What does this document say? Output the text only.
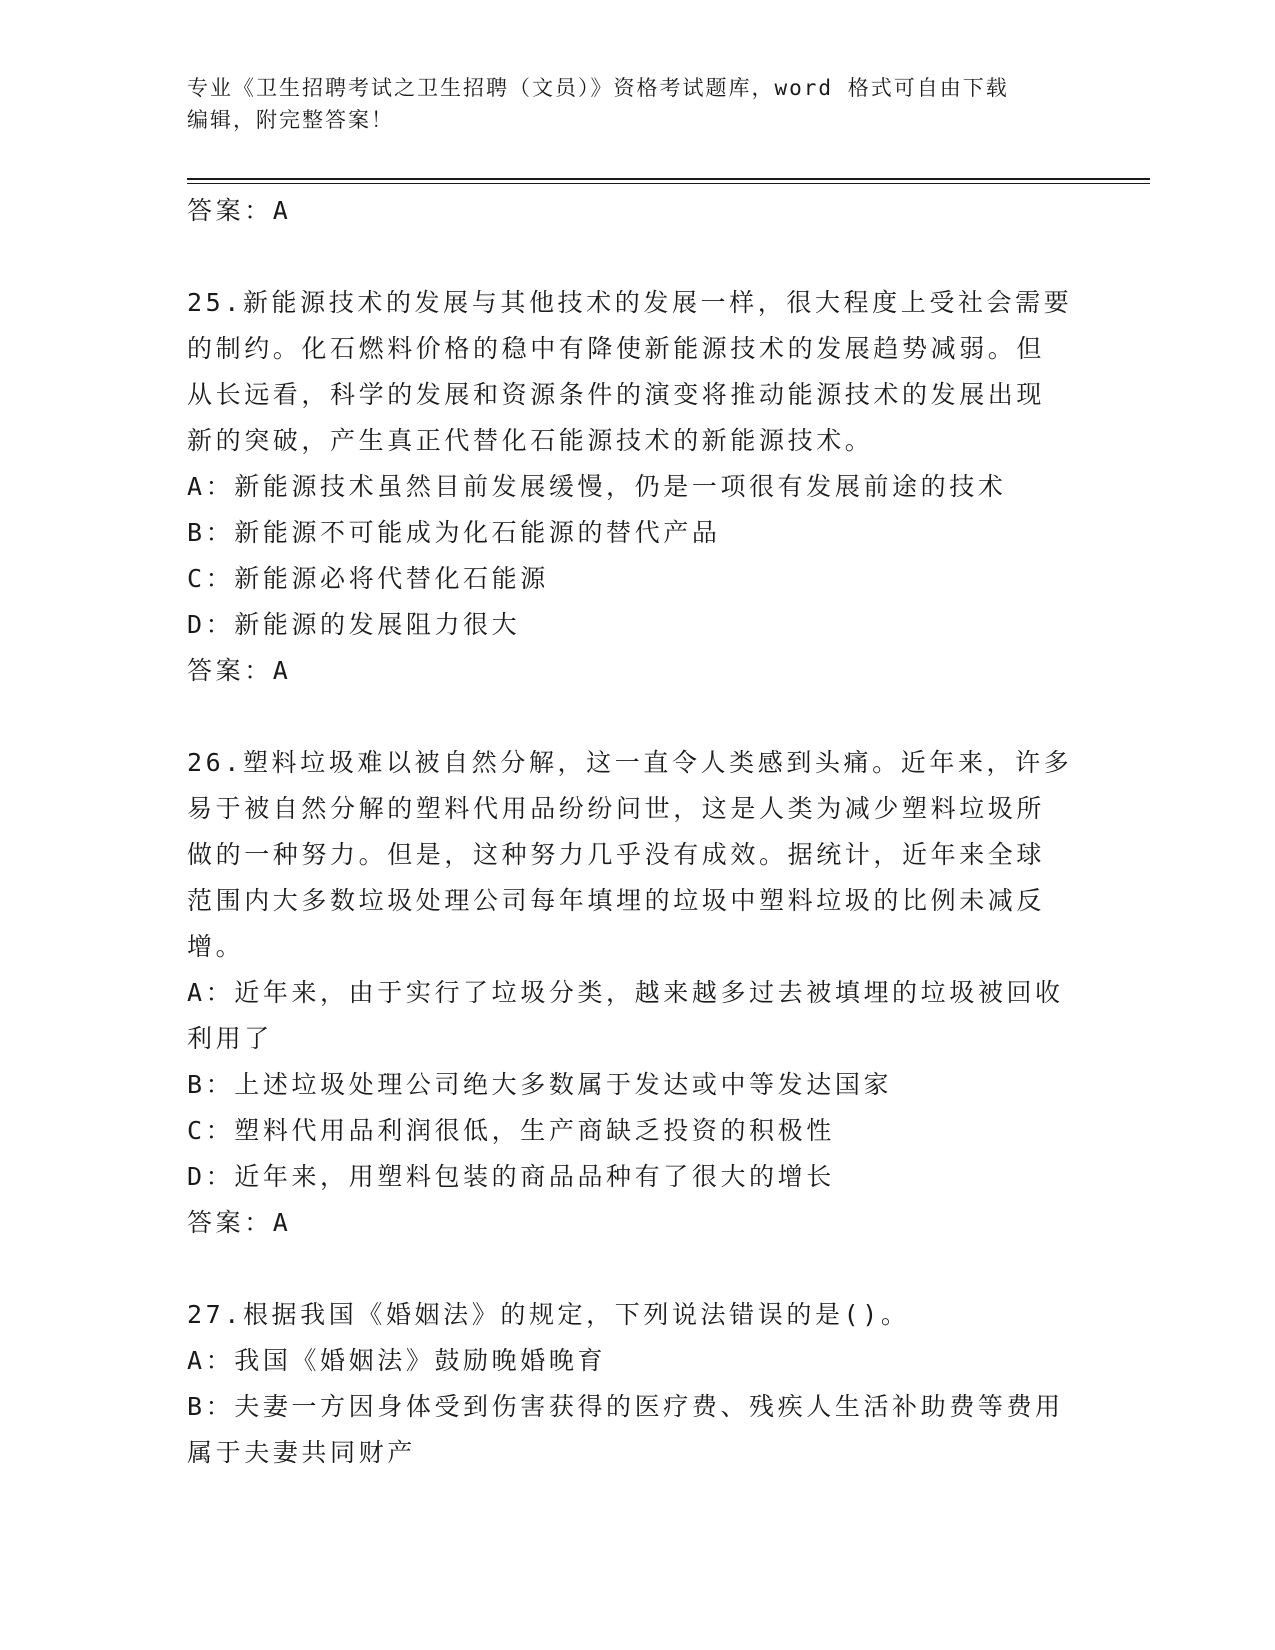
专业《卫生招聘考试之卫生招聘（文员）》资格考试题库，word 格式可自由下载
编辑，附完整答案！
答案：A
25.新能源技术的发展与其他技术的发展一样，很大程度上受社会需要
的制约。化石燃料价格的稳中有降使新能源技术的发展趋势减弱。但
从长远看，科学的发展和资源条件的演变将推动能源技术的发展出现
新的突破，产生真正代替化石能源技术的新能源技术。
A：新能源技术虽然目前发展缓慢，仍是一项很有发展前途的技术
B：新能源不可能成为化石能源的替代产品
C：新能源必将代替化石能源
D：新能源的发展阻力很大
答案：A
26.塑料垃圾难以被自然分解，这一直令人类感到头痛。近年来，许多
易于被自然分解的塑料代用品纷纷问世，这是人类为减少塑料垃圾所
做的一种努力。但是，这种努力几乎没有成效。据统计，近年来全球
范围内大多数垃圾处理公司每年填埋的垃圾中塑料垃圾的比例未减反
增。
A：近年来，由于实行了垃圾分类，越来越多过去被填埋的垃圾被回收
利用了
B：上述垃圾处理公司绝大多数属于发达或中等发达国家
C：塑料代用品利润很低，生产商缺乏投资的积极性
D：近年来，用塑料包装的商品品种有了很大的增长
答案：A
27.根据我国《婚姻法》的规定，下列说法错误的是()。
A：我国《婚姻法》鼓励晚婚晚育
B：夫妻一方因身体受到伤害获得的医疗费、残疾人生活补助费等费用
属于夫妻共同财产
